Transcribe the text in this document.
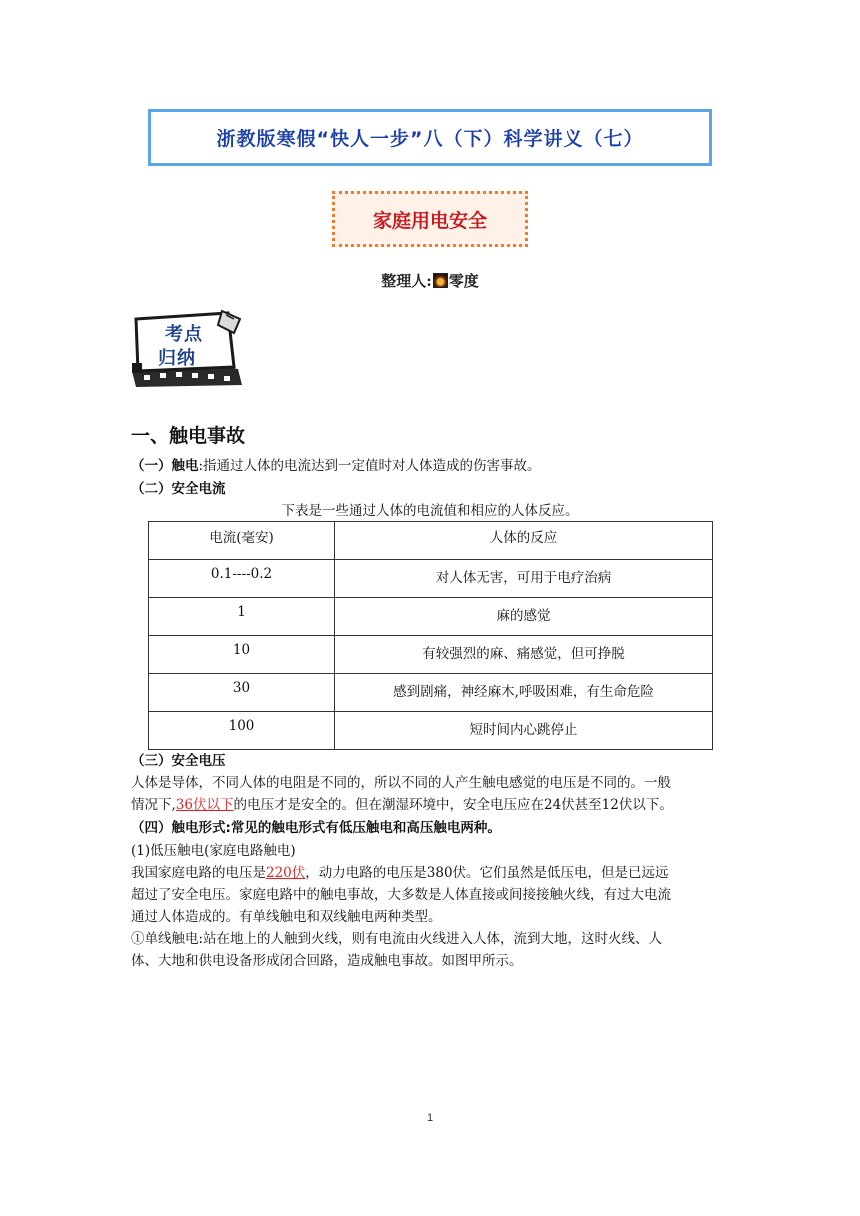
浙教版寒假“快人一步”八（下）科学讲义（七）
家庭用电安全
整理人: 零度
考点
归纳
一、触电事故
（一）触电:指通过人体的电流达到一定值时对人体造成的伤害事故。
（二）安全电流
下表是一些通过人体的电流值和相应的人体反应。
电流(毫安)	人体的反应
0.1----0.2	对人体无害，可用于电疗治病
1	麻的感觉
10	有较强烈的麻、痛感觉，但可挣脱
30	感到剧痛，神经麻木,呼吸困难，有生命危险
100	短时间内心跳停止
（三）安全电压
人体是导体，不同人体的电阻是不同的，所以不同的人产生触电感觉的电压是不同的。一般
情况下,36伏以下的电压才是安全的。但在潮湿环境中，安全电压应在24伏甚至12伏以下。
（四）触电形式:常见的触电形式有低压触电和高压触电两种。
(1)低压触电(家庭电路触电)
我国家庭电路的电压是220伏，动力电路的电压是380伏。它们虽然是低压电，但是已远远
超过了安全电压。家庭电路中的触电事故，大多数是人体直接或间接接触火线，有过大电流
通过人体造成的。有单线触电和双线触电两种类型。
①单线触电:站在地上的人触到火线，则有电流由火线进入人体，流到大地，这时火线、人
体、大地和供电设备形成闭合回路，造成触电事故。如图甲所示。
1
